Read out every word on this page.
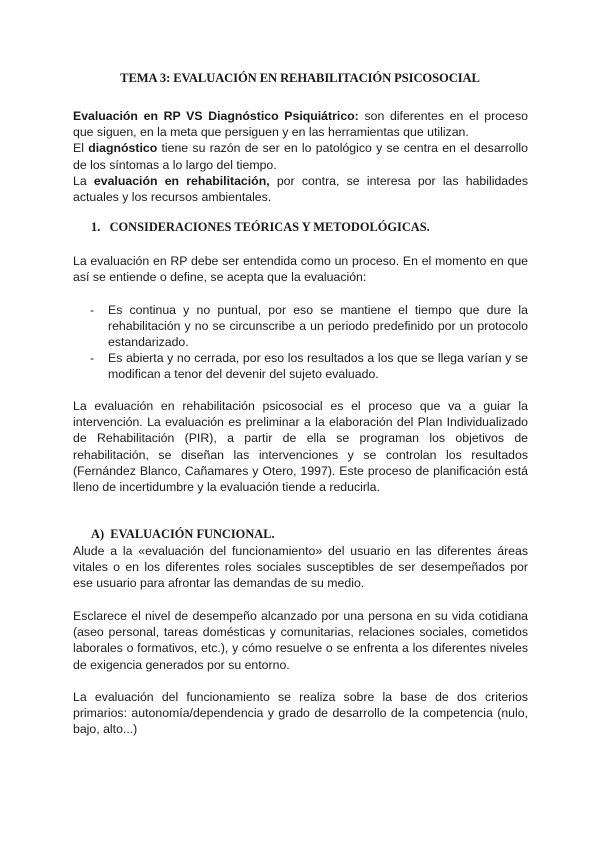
TEMA 3: EVALUACIÓN EN REHABILITACIÓN PSICOSOCIAL

Evaluación en RP VS Diagnóstico Psiquiátrico: son diferentes en el proceso que siguen, en la meta que persiguen y en las herramientas que utilizan.

El diagnóstico tiene su razón de ser en lo patológico y se centra en el desarrollo de los síntomas a lo largo del tiempo.

La evaluación en rehabilitación, por contra, se interesa por las habilidades actuales y los recursos ambientales.

1.   CONSIDERACIONES TEÓRICAS Y METODOLÓGICAS.
La evaluación en RP debe ser entendida como un proceso. En el momento en que así se entiende o define, se acepta que la evaluación:
- Es continua y no puntual, por eso se mantiene el tiempo que dure la rehabilitación y no se circunscribe a un periodo predefinido por un protocolo estandarizado.
- Es abierta y no cerrada, por eso los resultados a los que se llega varían y se modifican a tenor del devenir del sujeto evaluado.
La evaluación en rehabilitación psicosocial es el proceso que va a guiar la intervención. La evaluación es preliminar a la elaboración del Plan Individualizado de Rehabilitación (PIR), a partir de ella se programan los objetivos de rehabilitación, se diseñan las intervenciones y se controlan los resultados (Fernández Blanco, Cañamares y Otero, 1997). Este proceso de planificación está lleno de incertidumbre y la evaluación tiende a reducirla.
A)  EVALUACIÓN FUNCIONAL.
Alude a la «evaluación del funcionamiento» del usuario en las diferentes áreas vitales o en los diferentes roles sociales susceptibles de ser desempeñados por ese usuario para afrontar las demandas de su medio.
Esclarece el nivel de desempeño alcanzado por una persona en su vida cotidiana (aseo personal, tareas domésticas y comunitarias, relaciones sociales, cometidos laborales o formativos, etc.), y cómo resuelve o se enfrenta a los diferentes niveles de exigencia generados por su entorno.
La evaluación del funcionamiento se realiza sobre la base de dos criterios primarios: autonomía/dependencia y grado de desarrollo de la competencia (nulo, bajo, alto...)
